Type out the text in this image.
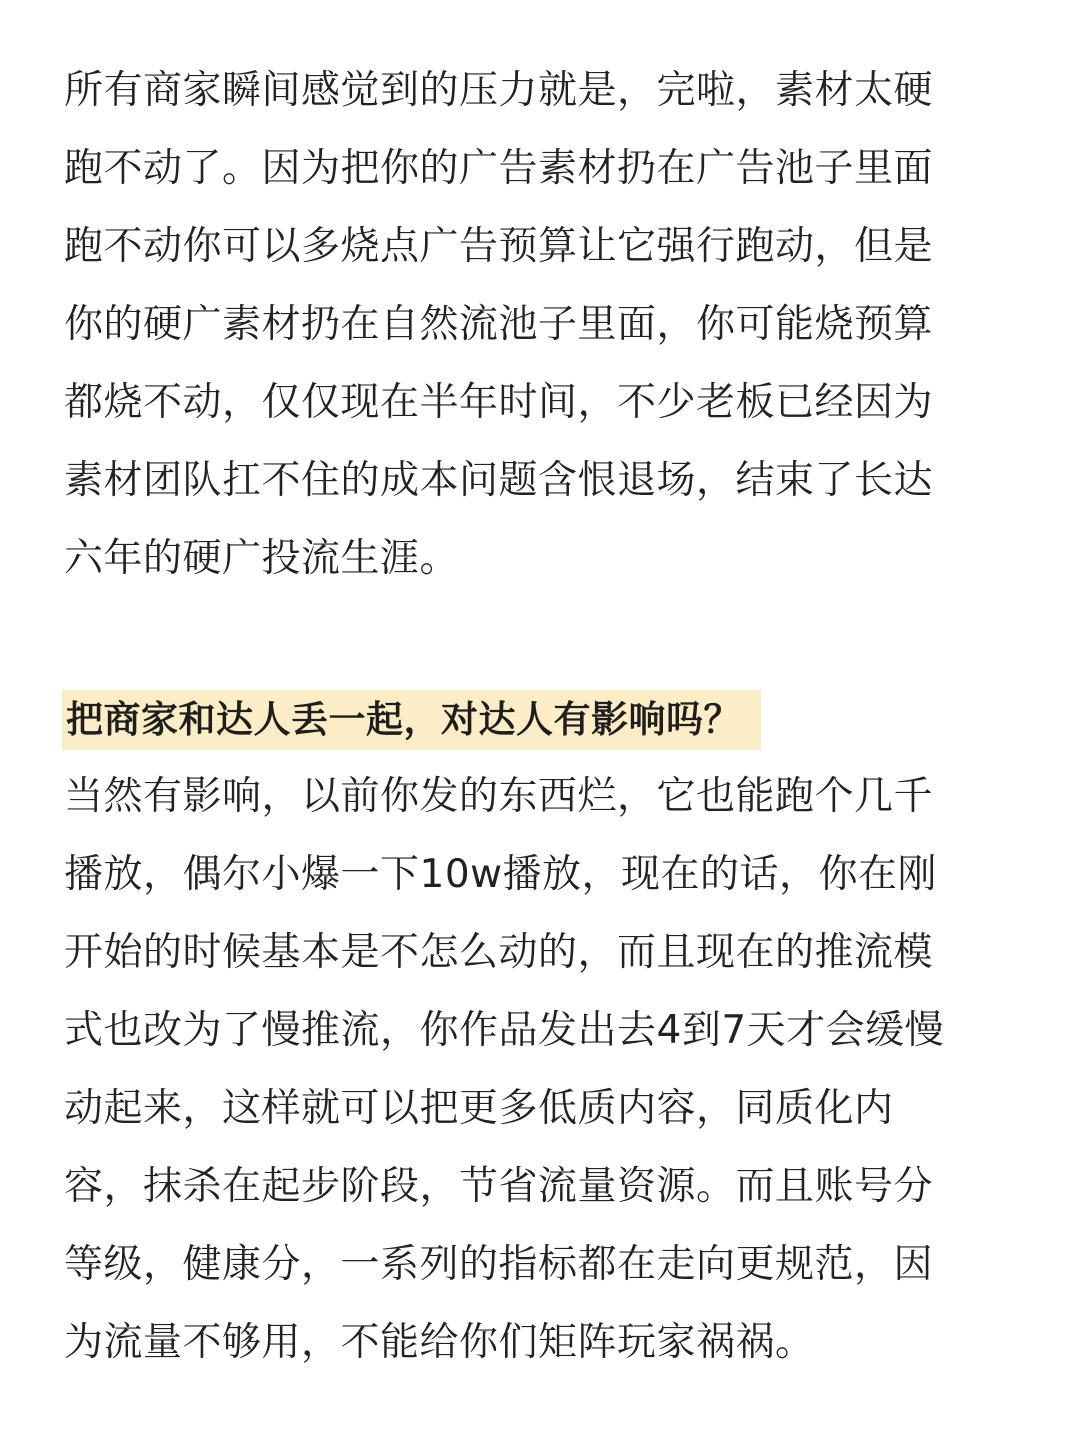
所有商家瞬间感觉到的压力就是，完啦，素材太硬
跑不动了。因为把你的广告素材扔在广告池子里面
跑不动你可以多烧点广告预算让它强行跑动，但是
你的硬广素材扔在自然流池子里面，你可能烧预算
都烧不动，仅仅现在半年时间，不少老板已经因为
素材团队扛不住的成本问题含恨退场，结束了长达
六年的硬广投流生涯。
把商家和达人丢一起，对达人有影响吗？
当然有影响，以前你发的东西烂，它也能跑个几千
播放，偶尔小爆一下10w播放，现在的话，你在刚
开始的时候基本是不怎么动的，而且现在的推流模
式也改为了慢推流，你作品发出去4到7天才会缓慢
动起来，这样就可以把更多低质内容，同质化内
容，抹杀在起步阶段，节省流量资源。而且账号分
等级，健康分，一系列的指标都在走向更规范，因
为流量不够用，不能给你们矩阵玩家祸祸。
